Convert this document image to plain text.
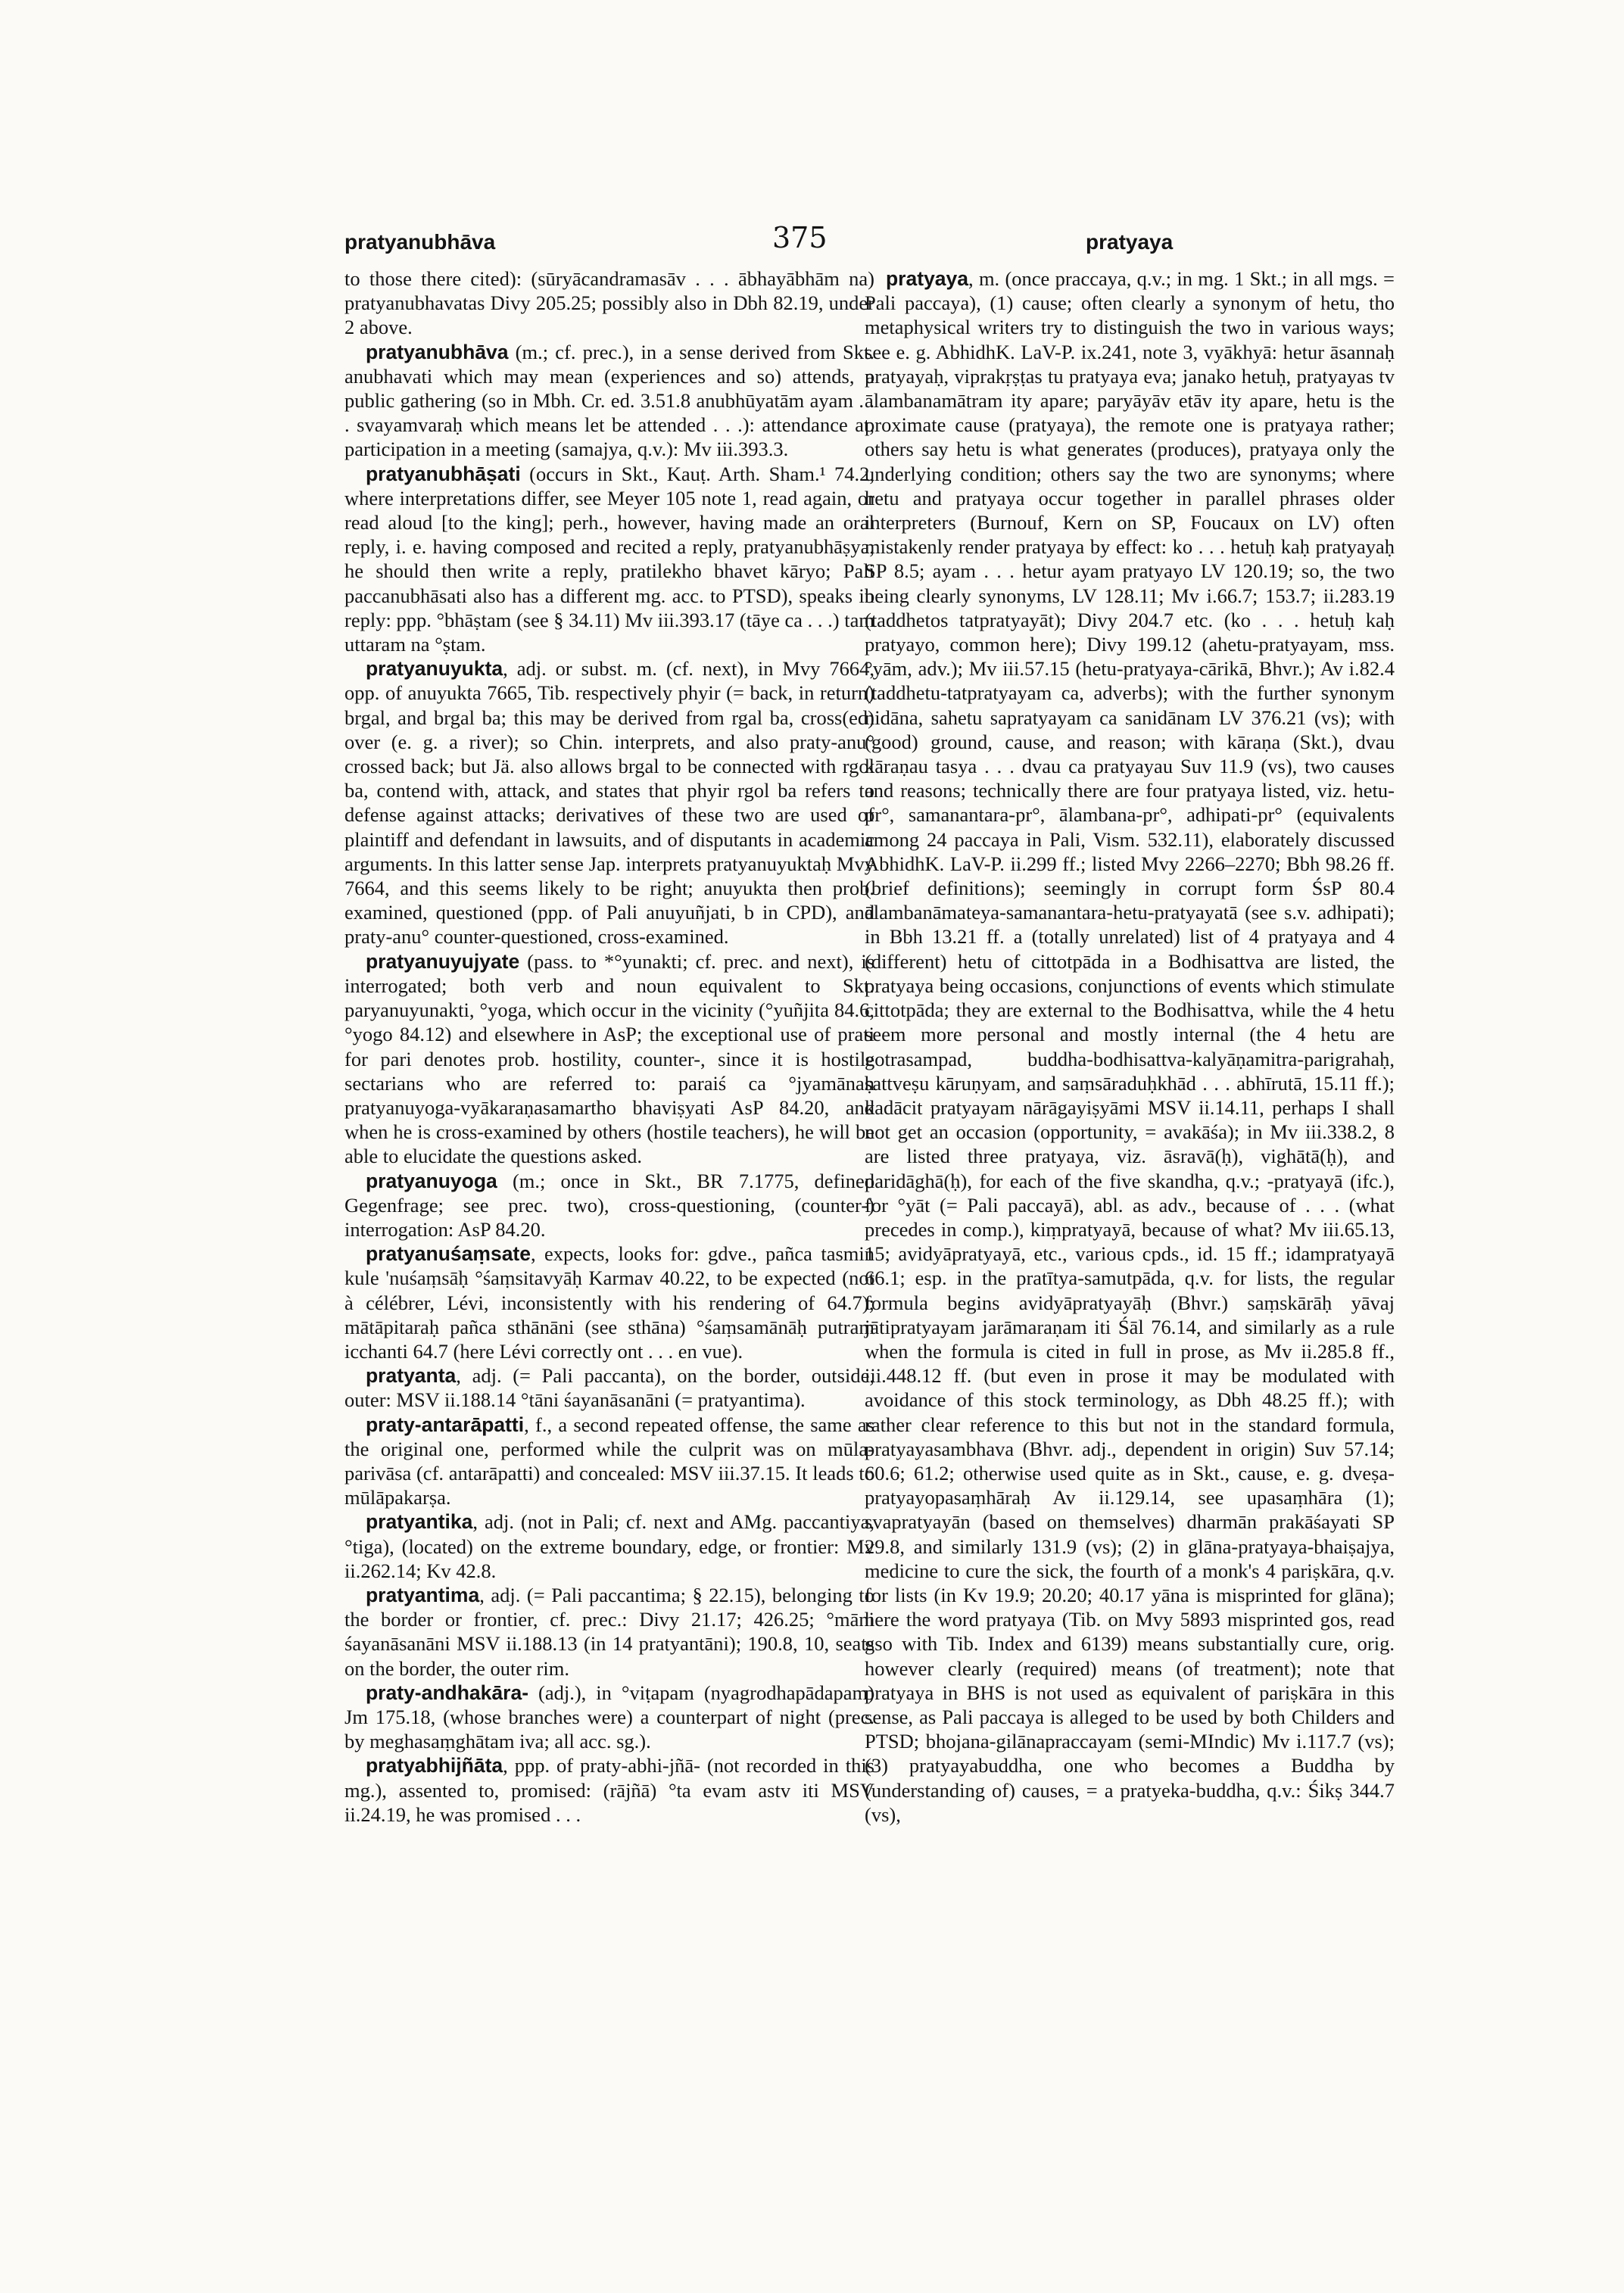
pratyanubhāva	375	pratyaya

to those there cited): (sūryācandramasāv . . . ābhayābhām na) pratyanubhavatas Divy 205.25; possibly also in Dbh 82.19, under 2 above.

pratyanubhāva (m.; cf. prec.), in a sense derived from Skt. anubhavati which may mean (experiences and so) attends, a public gathering (so in Mbh. Cr. ed. 3.51.8 anubhūyatām ayam . . . svayamvaraḥ which means let be attended . . .): attendance at, participation in a meeting (samajya, q.v.): Mv iii.393.3.

pratyanubhāṣati (occurs in Skt., Kauṭ. Arth. Sham.¹ 74.2, where interpretations differ, see Meyer 105 note 1, read again, or read aloud [to the king]; perh., however, having made an oral reply, i. e. having composed and recited a reply, pratyanubhāṣya, he should then write a reply, pratilekho bhavet kāryo; Pali paccanubhāsati also has a different mg. acc. to PTSD), speaks in reply: ppp. °bhāṣtam (see § 34.11) Mv iii.393.17 (tāye ca . . .) tam uttaram na °ṣtam.

pratyanuyukta, adj. or subst. m. (cf. next), in Mvy 7664, opp. of anuyukta 7665, Tib. respectively phyir (= back, in return) brgal, and brgal ba; this may be derived from rgal ba, cross(ed) over (e. g. a river); so Chin. interprets, and also praty-anu° crossed back; but Jä. also allows brgal to be connected with rgol ba, contend with, attack, and states that phyir rgol ba refers to defense against attacks; derivatives of these two are used of plaintiff and defendant in lawsuits, and of disputants in academic arguments. In this latter sense Jap. interprets pratyanuyuktaḥ Mvy 7664, and this seems likely to be right; anuyukta then prob. examined, questioned (ppp. of Pali anuyuñjati, b in CPD), and praty-anu° counter-questioned, cross-examined.

pratyanuyujyate (pass. to *°yunakti; cf. prec. and next), is interrogated; both verb and noun equivalent to Skt. paryanuyunakti, °yoga, which occur in the vicinity (°yuñjita 84.6, °yogo 84.12) and elsewhere in AsP; the exceptional use of prati for pari denotes prob. hostility, counter-, since it is hostile sectarians who are referred to: paraiś ca °jyamānaḥ pratyanuyoga-vyākaraṇasamartho bhaviṣyati AsP 84.20, and when he is cross-examined by others (hostile teachers), he will be able to elucidate the questions asked.

pratyanuyoga (m.; once in Skt., BR 7.1775, defined Gegenfrage; see prec. two), cross-questioning, (counter-) interrogation: AsP 84.20.

pratyanuśaṃsate, expects, looks for: gdve., pañca tasmin kule 'nuśaṃsāḥ °śaṃsitavyāḥ Karmav 40.22, to be expected (not à célébrer, Lévi, inconsistently with his rendering of 64.7); mātāpitaraḥ pañca sthānāni (see sthāna) °śaṃsamānāḥ putram icchanti 64.7 (here Lévi correctly ont . . . en vue).

pratyanta, adj. (= Pali paccanta), on the border, outside, outer: MSV ii.188.14 °tāni śayanāsanāni (= pratyantima).

praty-antarāpatti, f., a second repeated offense, the same as the original one, performed while the culprit was on mūla-parivāsa (cf. antarāpatti) and concealed: MSV iii.37.15. It leads to mūlāpakarṣa.

pratyantika, adj. (not in Pali; cf. next and AMg. paccantiya, °tiga), (located) on the extreme boundary, edge, or frontier: Mv ii.262.14; Kv 42.8.

pratyantima, adj. (= Pali paccantima; § 22.15), belonging to the border or frontier, cf. prec.: Divy 21.17; 426.25; °māni śayanāsanāni MSV ii.188.13 (in 14 pratyantāni); 190.8, 10, seats on the border, the outer rim.

praty-andhakāra- (adj.), in °viṭapam (nyagrodhapādapam) Jm 175.18, (whose branches were) a counterpart of night (prec. by meghasaṃghātam iva; all acc. sg.).

pratyabhijñāta, ppp. of praty-abhi-jñā- (not recorded in this mg.), assented to, promised: (rājñā) °ta evam astv iti MSV ii.24.19, he was promised . . .

pratyaya, m. (once praccaya, q.v.; in mg. 1 Skt.; in all mgs. = Pali paccaya), (1) cause; often clearly a synonym of hetu, tho metaphysical writers try to distinguish the two in various ways; see e. g. AbhidhK. LaV-P. ix.241, note 3, vyākhyā: hetur āsannaḥ pratyayaḥ, viprakṛṣṭas tu pratyaya eva; janako hetuḥ, pratyayas tv ālambanamātram ity apare; paryāyāv etāv ity apare, hetu is the proximate cause (pratyaya), the remote one is pratyaya rather; others say hetu is what generates (produces), pratyaya only the underlying condition; others say the two are synonyms; where hetu and pratyaya occur together in parallel phrases older interpreters (Burnouf, Kern on SP, Foucaux on LV) often mistakenly render pratyaya by effect: ko . . . hetuḥ kaḥ pratyayaḥ SP 8.5; ayam . . . hetur ayam pratyayo LV 120.19; so, the two being clearly synonyms, LV 128.11; Mv i.66.7; 153.7; ii.283.19 (taddhetos tatpratyayāt); Divy 204.7 etc. (ko . . . hetuḥ kaḥ pratyayo, common here); Divy 199.12 (ahetu-pratyayam, mss. °yām, adv.); Mv iii.57.15 (hetu-pratyaya-cārikā, Bhvr.); Av i.82.4 (taddhetu-tatpratyayam ca, adverbs); with the further synonym nidāna, sahetu sapratyayam ca sanidānam LV 376.21 (vs); with (good) ground, cause, and reason; with kāraṇa (Skt.), dvau kāraṇau tasya . . . dvau ca pratyayau Suv 11.9 (vs), two causes and reasons; technically there are four pratyaya listed, viz. hetu-pr°, samanantara-pr°, ālambana-pr°, adhipati-pr° (equivalents among 24 paccaya in Pali, Vism. 532.11), elaborately discussed AbhidhK. LaV-P. ii.299 ff.; listed Mvy 2266–2270; Bbh 98.26 ff. (brief definitions); seemingly in corrupt form ŚsP 80.4 ālambanāmateya-samanantara-hetu-pratyayatā (see s.v. adhipati); in Bbh 13.21 ff. a (totally unrelated) list of 4 pratyaya and 4 (different) hetu of cittotpāda in a Bodhisattva are listed, the pratyaya being occasions, conjunctions of events which stimulate cittotpāda; they are external to the Bodhisattva, while the 4 hetu seem more personal and mostly internal (the 4 hetu are gotrasampad, buddha-bodhisattva-kalyāṇamitra-parigrahaḥ, sattveṣu kāruṇyam, and saṃsāraduḥkhād . . . abhīrutā, 15.11 ff.); kadācit pratyayam nārāgayiṣyāmi MSV ii.14.11, perhaps I shall not get an occasion (opportunity, = avakāśa); in Mv iii.338.2, 8 are listed three pratyaya, viz. āsravā(ḥ), vighātā(ḥ), and paridāghā(ḥ), for each of the five skandha, q.v.; -pratyayā (ifc.), for °yāt (= Pali paccayā), abl. as adv., because of . . . (what precedes in comp.), kiṃpratyayā, because of what? Mv iii.65.13, 15; avidyāpratyayā, etc., various cpds., id. 15 ff.; idampratyayā 66.1; esp. in the pratītya-samutpāda, q.v. for lists, the regular formula begins avidyāpratyayāḥ (Bhvr.) saṃskārāḥ yāvaj jātipratyayam jarāmaraṇam iti Śāl 76.14, and similarly as a rule when the formula is cited in full in prose, as Mv ii.285.8 ff., iii.448.12 ff. (but even in prose it may be modulated with avoidance of this stock terminology, as Dbh 48.25 ff.); with rather clear reference to this but not in the standard formula, pratyayasambhava (Bhvr. adj., dependent in origin) Suv 57.14; 60.6; 61.2; otherwise used quite as in Skt., cause, e. g. dveṣa-pratyayopasaṃhāraḥ Av ii.129.14, see upasaṃhāra (1); svapratyayān (based on themselves) dharmān prakāśayati SP 29.8, and similarly 131.9 (vs); (2) in glāna-pratyaya-bhaiṣajya, medicine to cure the sick, the fourth of a monk's 4 pariṣkāra, q.v. for lists (in Kv 19.9; 20.20; 40.17 yāna is misprinted for glāna); here the word pratyaya (Tib. on Mvy 5893 misprinted gos, read gso with Tib. Index and 6139) means substantially cure, orig. however clearly (required) means (of treatment); note that pratyaya in BHS is not used as equivalent of pariṣkāra in this sense, as Pali paccaya is alleged to be used by both Childers and PTSD; bhojana-gilānapraccayam (semi-MIndic) Mv i.117.7 (vs); (3) pratyayabuddha, one who becomes a Buddha by (understanding of) causes, = a pratyeka-buddha, q.v.: Śikṣ 344.7 (vs),
